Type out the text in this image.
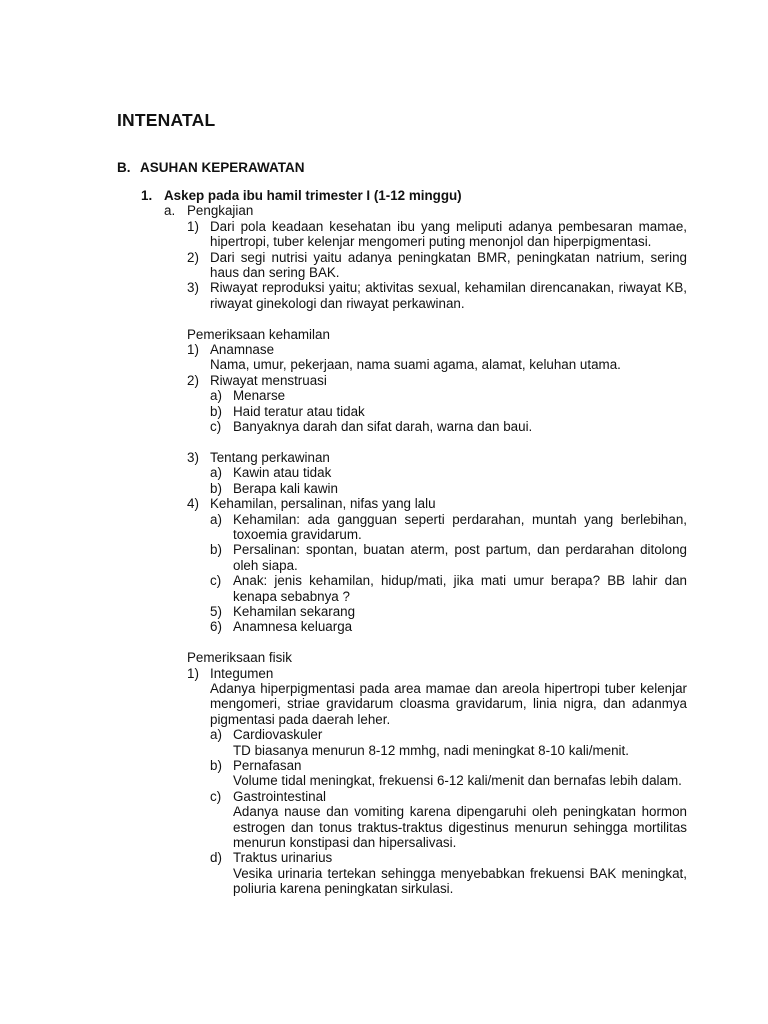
INTENATAL
B. ASUHAN KEPERAWATAN
1. Askep pada ibu hamil trimester I (1-12 minggu)
a. Pengkajian
1) Dari pola keadaan kesehatan ibu yang meliputi adanya pembesaran mamae, hipertropi, tuber kelenjar mengomeri puting menonjol dan hiperpigmentasi.
2) Dari segi nutrisi yaitu adanya peningkatan BMR, peningkatan natrium, sering haus dan sering BAK.
3) Riwayat reproduksi yaitu; aktivitas sexual, kehamilan direncanakan, riwayat KB, riwayat ginekologi dan riwayat perkawinan.
Pemeriksaan kehamilan
1) Anamnase
Nama, umur, pekerjaan, nama suami agama, alamat, keluhan utama.
2) Riwayat menstruasi
a) Menarse
b) Haid teratur atau tidak
c) Banyaknya darah dan sifat darah, warna dan baui.
3) Tentang perkawinan
a) Kawin atau tidak
b) Berapa kali kawin
4) Kehamilan, persalinan, nifas yang lalu
a) Kehamilan: ada gangguan seperti perdarahan, muntah yang berlebihan, toxoemia gravidarum.
b) Persalinan: spontan, buatan aterm, post partum, dan perdarahan ditolong oleh siapa.
c) Anak: jenis kehamilan, hidup/mati, jika mati umur berapa? BB lahir dan kenapa sebabnya ?
5) Kehamilan sekarang
6) Anamnesa keluarga
Pemeriksaan fisik
1) Integumen
Adanya hiperpigmentasi pada area mamae dan areola hipertropi tuber kelenjar mengomeri, striae gravidarum cloasma gravidarum, linia nigra, dan adanmya pigmentasi pada daerah leher.
a) Cardiovaskuler
TD biasanya menurun 8-12 mmhg, nadi meningkat 8-10 kali/menit.
b) Pernafasan
Volume tidal meningkat, frekuensi 6-12 kali/menit dan bernafas lebih dalam.
c) Gastrointestinal
Adanya nause dan vomiting karena dipengaruhi oleh peningkatan hormon estrogen dan tonus traktus-traktus digestinus menurun sehingga mortilitas menurun konstipasi dan hipersalivasi.
d) Traktus urinarius
Vesika urinaria tertekan sehingga menyebabkan frekuensi BAK meningkat, poliuria karena peningkatan sirkulasi.
